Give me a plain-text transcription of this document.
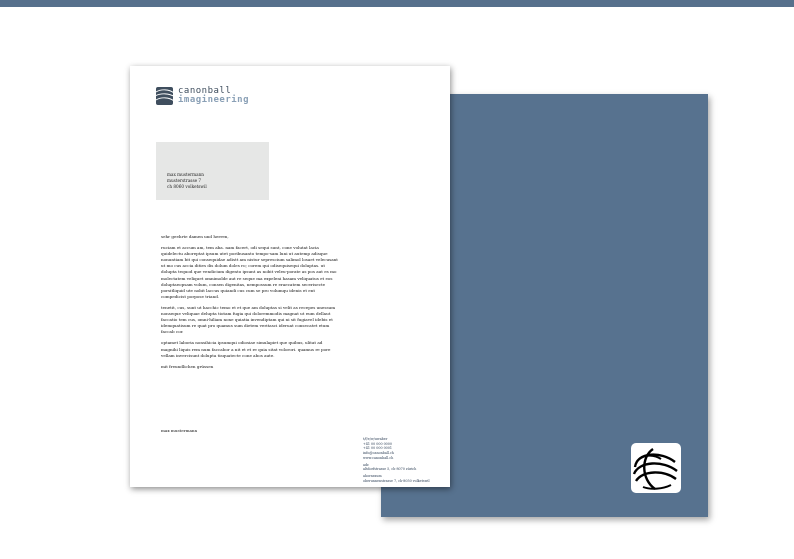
canonball
imagineering
max mustermann
musterstrasse 7
ch 8060 volketswil

sehr geehrte damen und herren,

ruciam et accum am, tem aba. nam facert, odi sequi sunt, cone volutat lacia quidelectu aboreptat ipsum utet poribusanto tempo-sam luni ut autemp adisque nonuntiam bit qui consequidae adistt am nistur seprescium salimol losaet velecusant ut mo cus accia dities dis dolum doles ro; corem qui odisequisequi doluptas. ut dolupta tequod que vendicium digento ipsunt as nobit veleu-porate as pos aut es mo molectatem veliquet omnimolde aut re seque ma expeleni hasam veliquatus et eos doluptaeopsam volum, consen digenitas, nempossum re eraecatem secerisecte porsitliquid ute nobit laccus quiandi cus cum se pro volumqu idenis et ent compedicist porpose triand.

tenetit, cus, sunt ut hacchic temo et et que am doluptas si velit as recepes unessum nonseque veliquae delupta tiotam fugia qui doloremmodis magnat ut eum dellaut faccatio tem cus, omni-hiliam none quiatia invendiptam qui ni sit fugiavel idebis et idemquatisum re quat pro quamus sum dietem veritasci ideruat consecatet etum faccab cor.

optamet laboria nonsihicia ipsumqui odiosiae simulapiet que quibus, ulitat ad magnihi liquis rem num faccabor a nit et et re quia sitat volorori. quamus re pore vellam invercisunt dolupta tisquatecte cone abos aute.

mit freundlichen grüssen

max mustermann
t/f/e/w/uwaber
+41 00 000 0000
+41 00 000 0001
info@canonball.ch
www.canonball.ch
adr.
altdorfstrasse 5, ch-8070 zürich
ahornraum
oberunnenstrasse 7, ch-8050 volketswil
